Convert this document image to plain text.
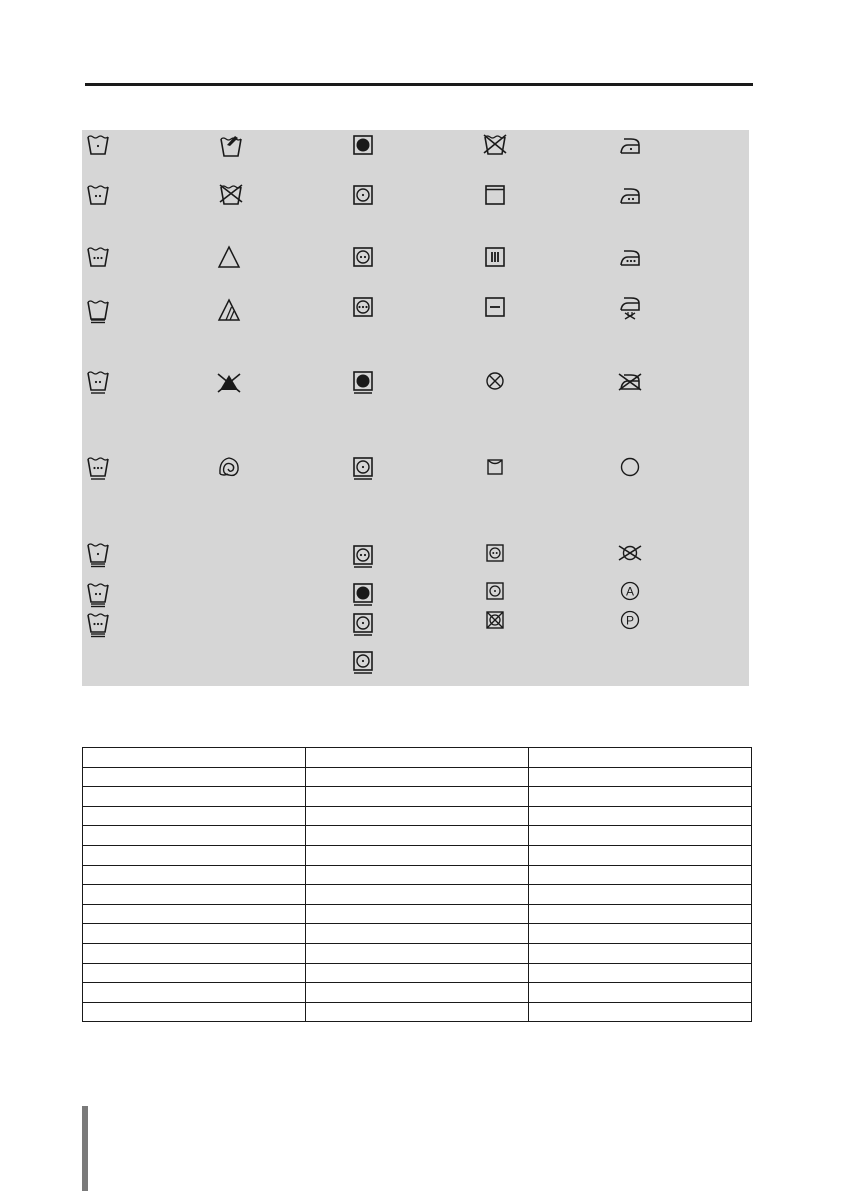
A
P
